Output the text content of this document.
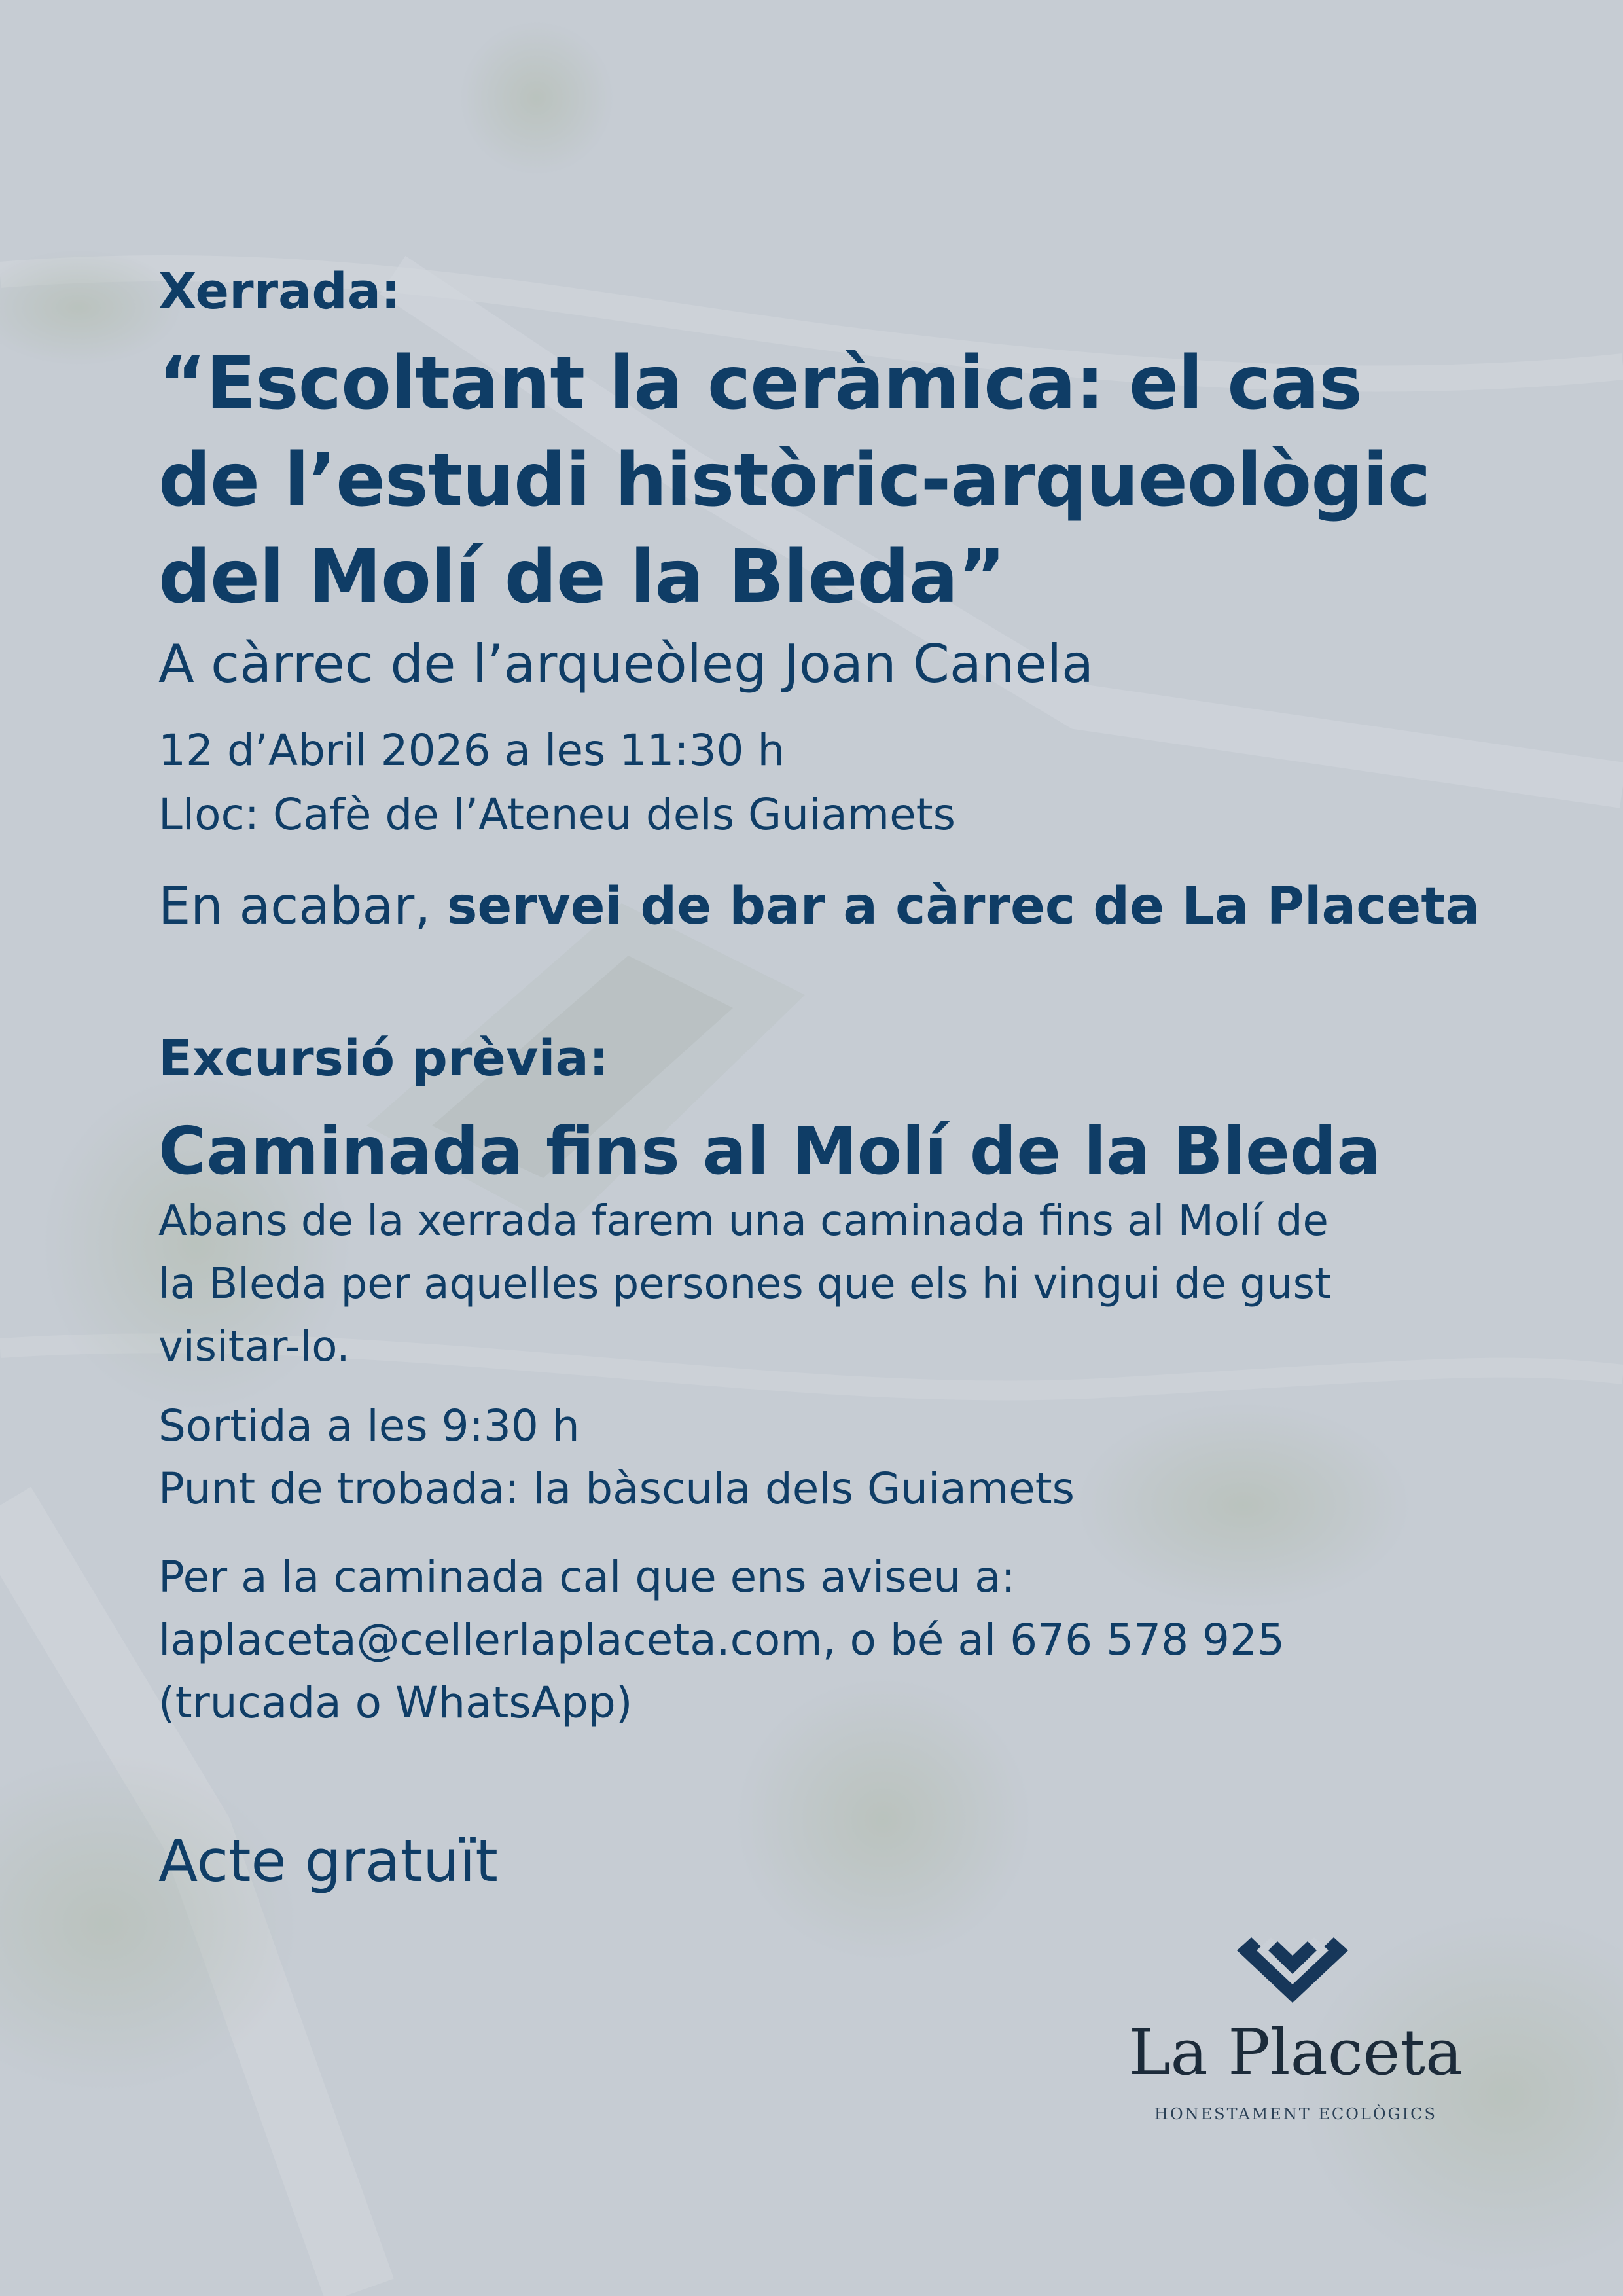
Xerrada:
“Escoltant la ceràmica: el cas
de l’estudi històric-arqueològic
del Molí de la Bleda”
A càrrec de l’arqueòleg Joan Canela
12 d’Abril 2026 a les 11:30 h
Lloc: Cafè de l’Ateneu dels Guiamets
En acabar, servei de bar a càrrec de La Placeta
Excursió prèvia:
Caminada fins al Molí de la Bleda
Abans de la xerrada farem una caminada fins al Molí de
la Bleda per aquelles persones que els hi vingui de gust
visitar-lo.
Sortida a les 9:30 h
Punt de trobada: la bàscula dels Guiamets
Per a la caminada cal que ens aviseu a:
laplaceta@cellerlaplaceta.com, o bé al 676 578 925
(trucada o WhatsApp)
Acte gratuït
La Placeta
HONESTAMENT ECOLÒGICS
